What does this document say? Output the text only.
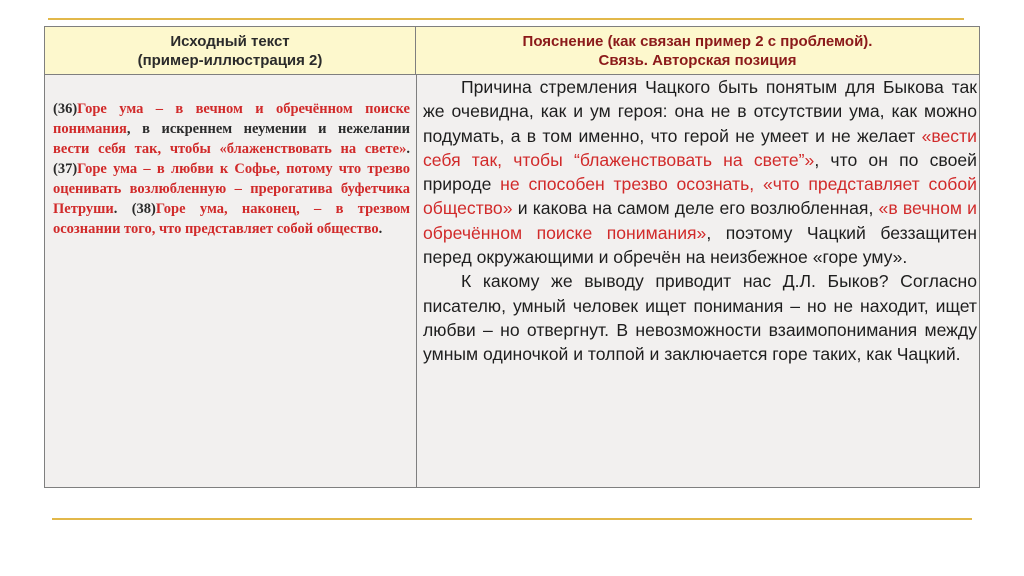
Исходный текст
(пример-иллюстрация 2)
Пояснение (как связан пример 2 с проблемой).
Связь. Авторская позиция
(36)Горе ума – в вечном и обречённом поиске понимания, в искреннем неумении и нежелании вести себя так, чтобы «блаженствовать на свете». (37)Горе ума – в любви к Софье, потому что трезво оценивать возлюбленную – прерогатива буфетчика Петруши. (38)Горе ума, наконец, – в трезвом осознании того, что представляет собой общество.

Причина стремления Чацкого быть понятым для Быкова так же очевидна, как и ум героя: она не в отсутствии ума, как можно подумать, а в том именно, что герой не умеет и не желает «вести себя так, чтобы “блаженствовать на свете”», что он по своей природе не способен трезво осознать, «что представляет собой общество» и какова на самом деле его возлюбленная, «в вечном и обречённом поиске понимания», поэтому Чацкий беззащитен перед окружающими и обречён на неизбежное «горе уму».

К какому же выводу приводит нас Д.Л. Быков? Согласно писателю, умный человек ищет понимания – но не находит, ищет любви – но отвергнут. В невозможности взаимопонимания между умным одиночкой и толпой и заключается горе таких, как Чацкий.
